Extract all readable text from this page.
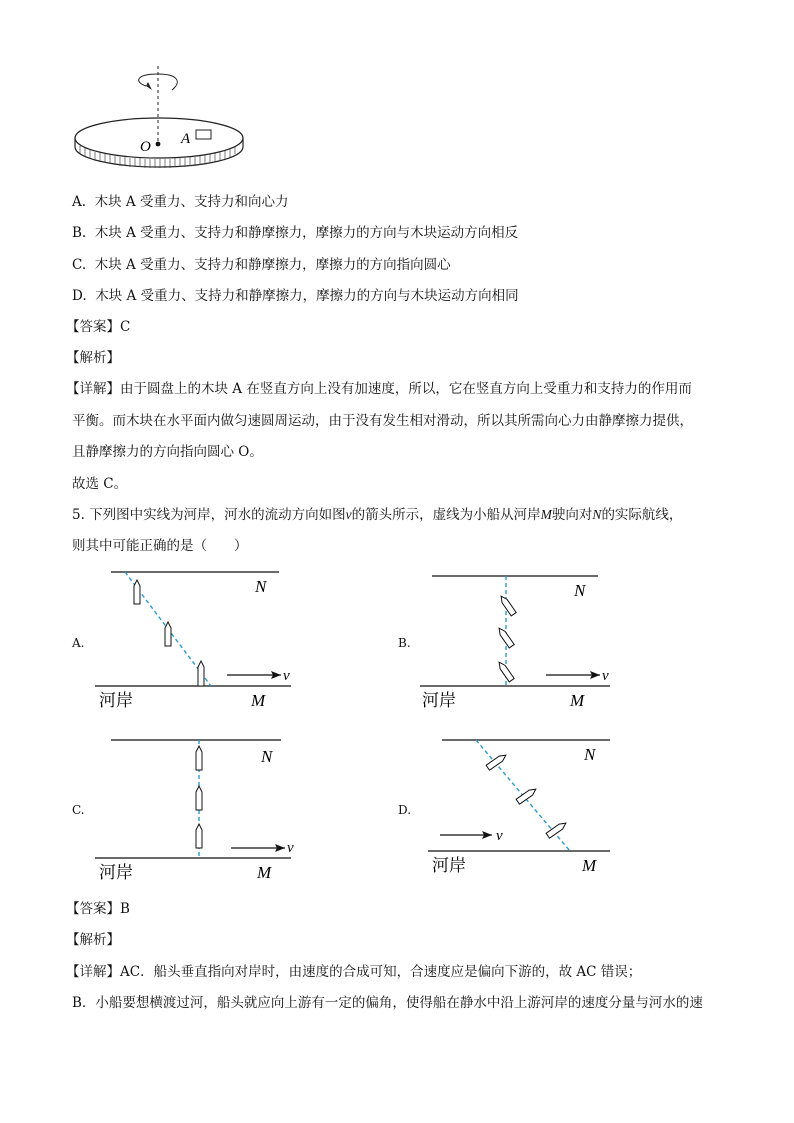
O A
A. 木块 A 受重力、支持力和向心力
B. 木块 A 受重力、支持力和静摩擦力，摩擦力的方向与木块运动方向相反
C. 木块 A 受重力、支持力和静摩擦力，摩擦力的方向指向圆心
D. 木块 A 受重力、支持力和静摩擦力，摩擦力的方向与木块运动方向相同
【答案】C
【解析】
【详解】由于圆盘上的木块 A 在竖直方向上没有加速度，所以，它在竖直方向上受重力和支持力的作用而
平衡。而木块在水平面内做匀速圆周运动，由于没有发生相对滑动，所以其所需向心力由静摩擦力提供，
且静摩擦力的方向指向圆心 O。
故选 C。
5. 下列图中实线为河岸，河水的流动方向如图v的箭头所示，虚线为小船从河岸M驶向对N的实际航线，
则其中可能正确的是（　　）
A.
v
N
M
河岸
B.
v
N
M
河岸
C.
v
N
M
河岸
D.
v
N
M
河岸
【答案】B
【解析】
【详解】AC．船头垂直指向对岸时，由速度的合成可知，合速度应是偏向下游的，故 AC 错误；
B．小船要想横渡过河，船头就应向上游有一定的偏角，使得船在静水中沿上游河岸的速度分量与河水的速
